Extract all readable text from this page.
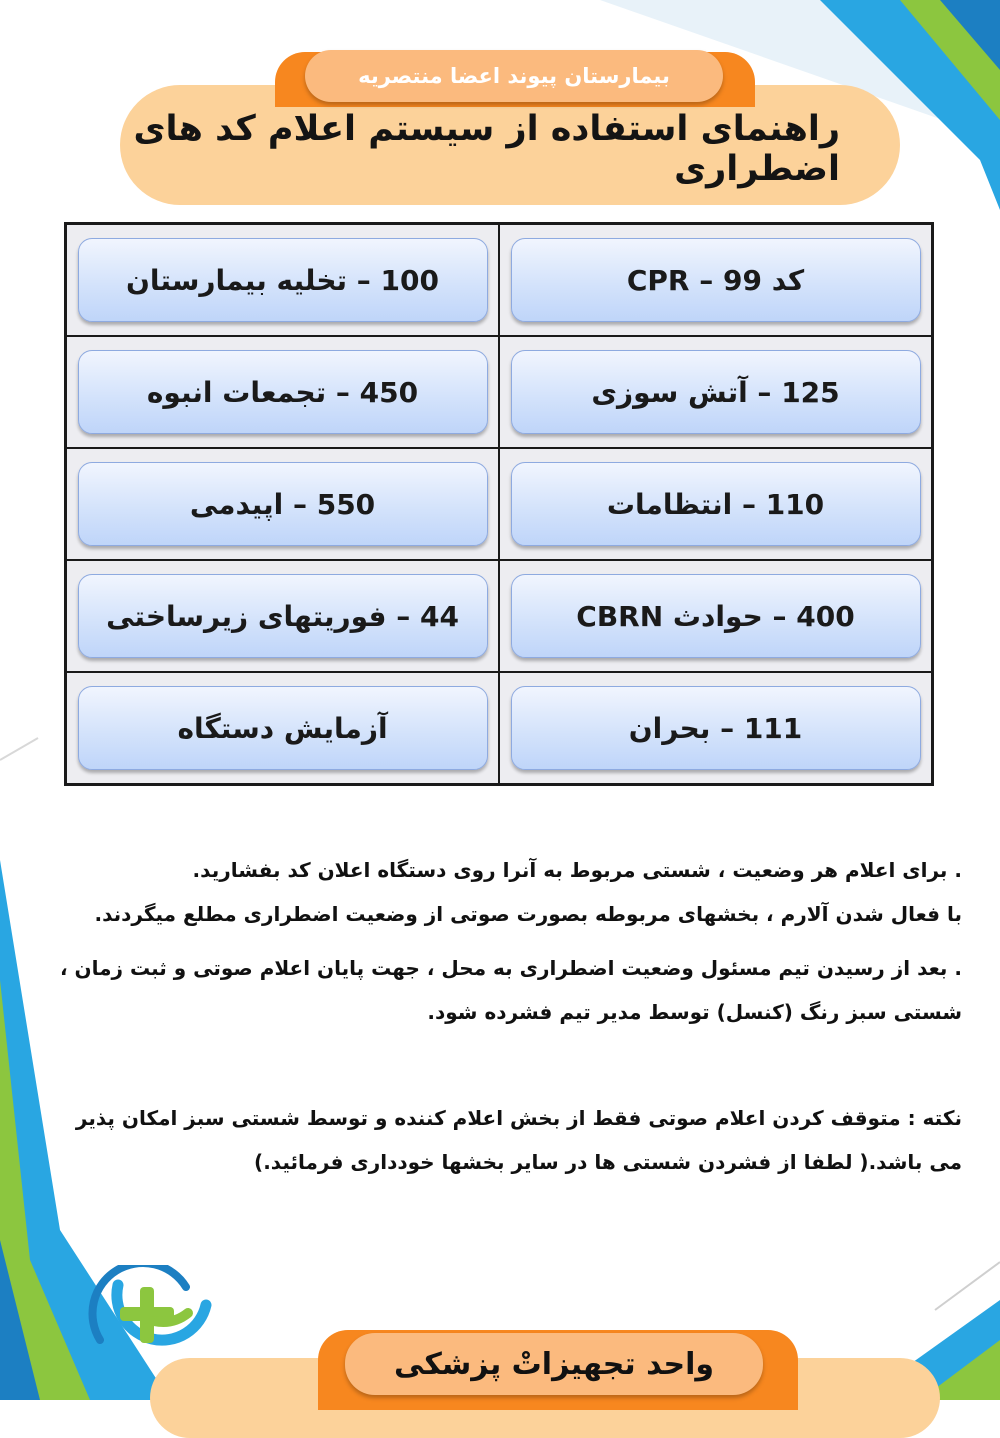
بیمارستان پیوند اعضا منتصریه
راهنمای استفاده از سیستم اعلام کد های اضطراری
کد 99 – CPR
100 – تخلیه بیمارستان
125 – آتش سوزی
450 – تجمعات انبوه
110 – انتظامات
550 – اپیدمی
400 – حوادث CBRN
44 – فوریتهای زیرساختی
111 – بحران
آزمایش دستگاه

. برای اعلام هر وضعیت ، شستی مربوط به آنرا روی دستگاه اعلان کد بفشارید.

با فعال شدن آلارم ، بخشهای مربوطه بصورت صوتی از وضعیت اضطراری مطلع میگردند.

. بعد از رسیدن تیم مسئول وضعیت اضطراری به محل ، جهت پایان اعلام صوتی و ثبت زمان ، شستی سبز رنگ (کنسل) توسط مدیر تیم فشرده شود.

نکته : متوقف کردن اعلام صوتی فقط از بخش اعلام کننده و توسط شستی سبز امکان پذیر می باشد.( لطفا از فشردن شستی ها در سایر بخشها خودداری فرمائید.)

واحد تجهیزاتْ پزشکی
